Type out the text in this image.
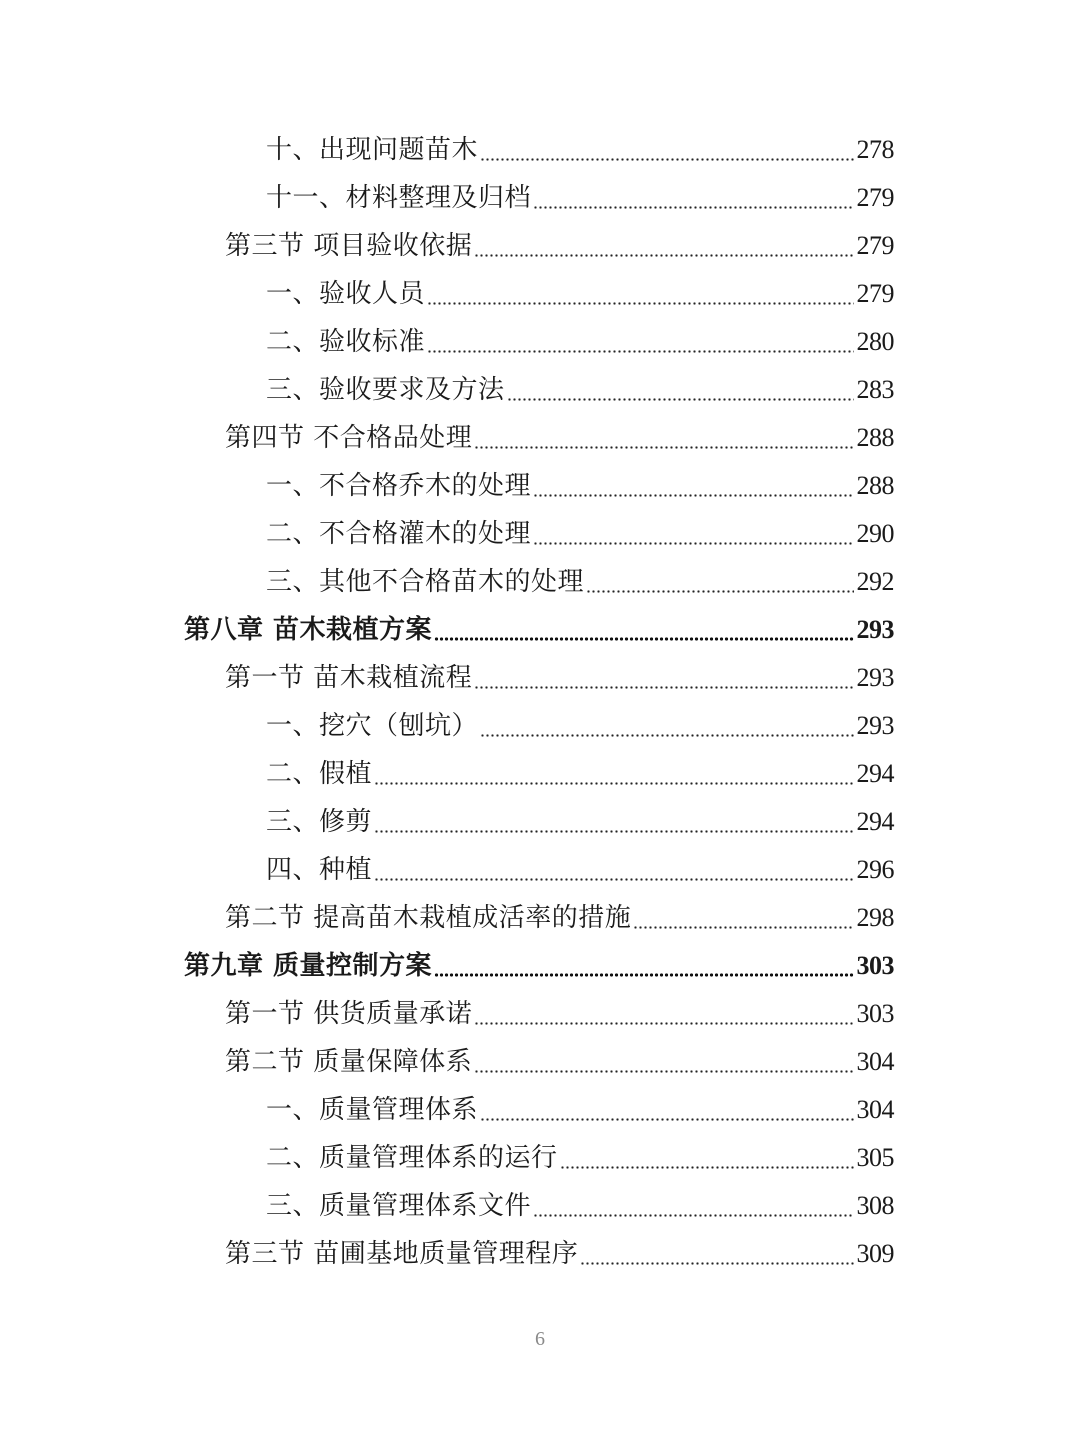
十、出现问题苗木	278
十一、材料整理及归档	279
第三节 项目验收依据	279
一、验收人员	279
二、验收标准	280
三、验收要求及方法	283
第四节 不合格品处理	288
一、不合格乔木的处理	288
二、不合格灌木的处理	290
三、其他不合格苗木的处理	292
第八章 苗木栽植方案	293
第一节 苗木栽植流程	293
一、挖穴（刨坑）	293
二、假植	294
三、修剪	294
四、种植	296
第二节 提高苗木栽植成活率的措施	298
第九章 质量控制方案	303
第一节 供货质量承诺	303
第二节 质量保障体系	304
一、质量管理体系	304
二、质量管理体系的运行	305
三、质量管理体系文件	308
第三节 苗圃基地质量管理程序	309
6
